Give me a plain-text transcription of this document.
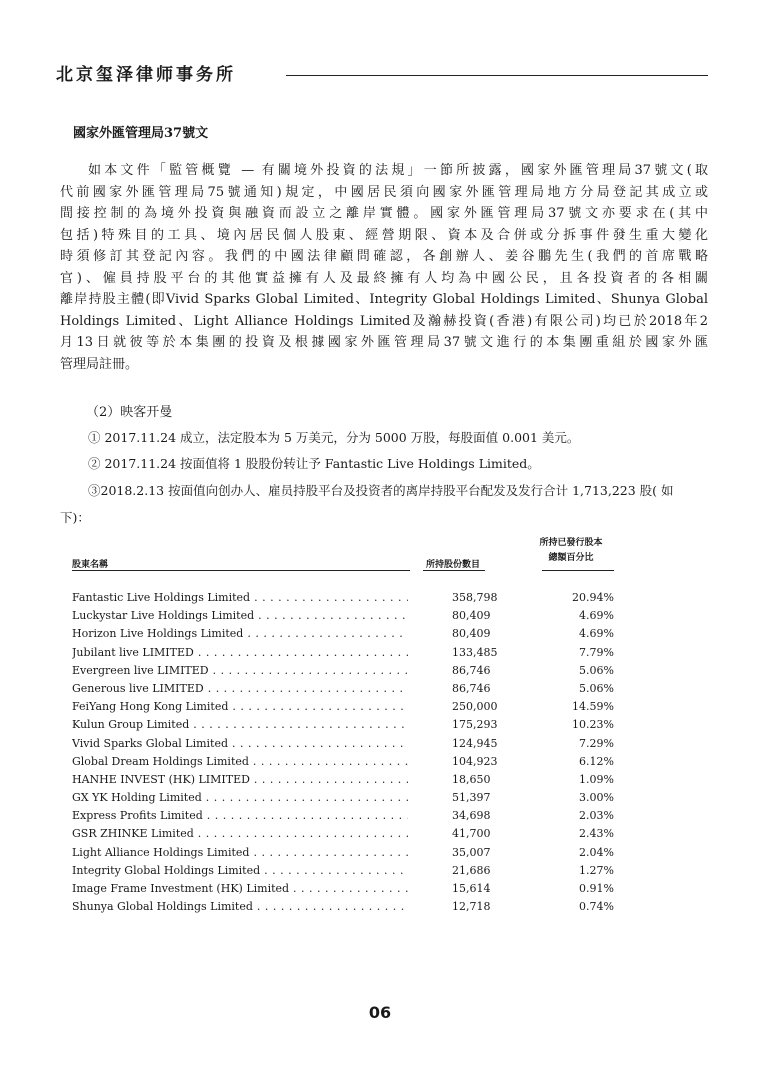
北京玺泽律师事务所
國家外匯管理局37號文
如本文件「監管概覽 — 有關境外投資的法規」一節所披露，國家外匯管理局37號文(取
代前國家外匯管理局75號通知)規定，中國居民須向國家外匯管理局地方分局登記其成立或
間接控制的為境外投資與融資而設立之離岸實體。國家外匯管理局37號文亦要求在(其中
包括)特殊目的工具、境內居民個人股東、經營期限、資本及合併或分拆事件發生重大變化
時須修訂其登記內容。我們的中國法律顧問確認，各創辦人、姜谷鵬先生(我們的首席戰略
官)、僱員持股平台的其他實益擁有人及最終擁有人均為中國公民，且各投資者的各相關
離岸持股主體(即Vivid Sparks Global Limited、Integrity Global Holdings Limited、Shunya Global
Holdings Limited、Light Alliance Holdings Limited及瀚赫投資(香港)有限公司)均已於2018年2
月13日就彼等於本集團的投資及根據國家外匯管理局37號文進行的本集團重組於國家外匯
管理局註冊。
（2）映客开曼
① 2017.11.24 成立，法定股本为 5 万美元，分为 5000 万股，每股面值 0.001 美元。
② 2017.11.24 按面值将 1 股股份转让予 Fantastic Live Holdings Limited。
③2018.2.13 按面值向创办人、雇员持股平台及投资者的离岸持股平台配发及发行合计 1,713,223 股( 如
下)：
股東名稱	所持股份數目
所持已發行股本
總額百分比
Fantastic Live Holdings Limited . . .	358,798	20.94%
Luckystar Live Holdings Limited . . .	80,409	4.69%
Horizon Live Holdings Limited . . .	80,409	4.69%
Jubilant live LIMITED . . .	133,485	7.79%
Evergreen live LIMITED . . .	86,746	5.06%
Generous live LIMITED . . .	86,746	5.06%
FeiYang Hong Kong Limited . . .	250,000	14.59%
Kulun Group Limited . . .	175,293	10.23%
Vivid Sparks Global Limited . . .	124,945	7.29%
Global Dream Holdings Limited . . .	104,923	6.12%
HANHE INVEST (HK) LIMITED . . .	18,650	1.09%
GX YK Holding Limited . . .	51,397	3.00%
Express Profits Limited . . .	34,698	2.03%
GSR ZHINKE Limited . . .	41,700	2.43%
Light Alliance Holdings Limited . . .	35,007	2.04%
Integrity Global Holdings Limited . . .	21,686	1.27%
Image Frame Investment (HK) Limited . . .	15,614	0.91%
Shunya Global Holdings Limited . . .	12,718	0.74%
06
